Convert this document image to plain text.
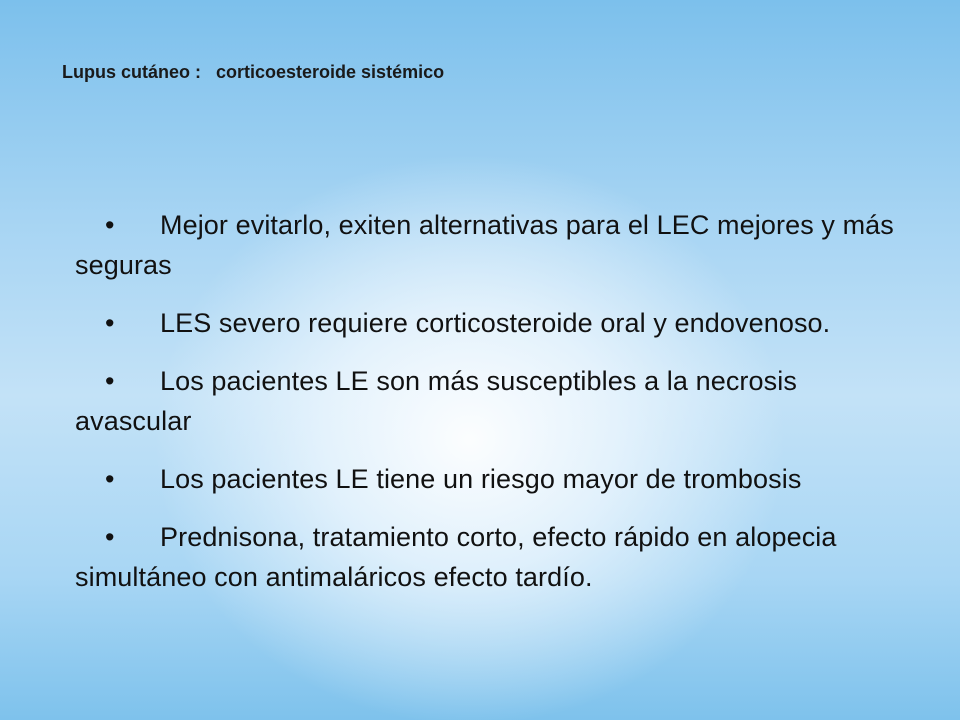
Lupus cutáneo :   corticoesteroide sistémico
• Mejor evitarlo, exiten alternativas para el LEC mejores y más seguras
• LES severo requiere corticosteroide oral y endovenoso.
• Los pacientes LE son más susceptibles a la necrosis avascular
• Los pacientes LE tiene un riesgo mayor de trombosis
• Prednisona, tratamiento corto, efecto rápido en alopecia simultáneo con antimaláricos efecto tardío.
